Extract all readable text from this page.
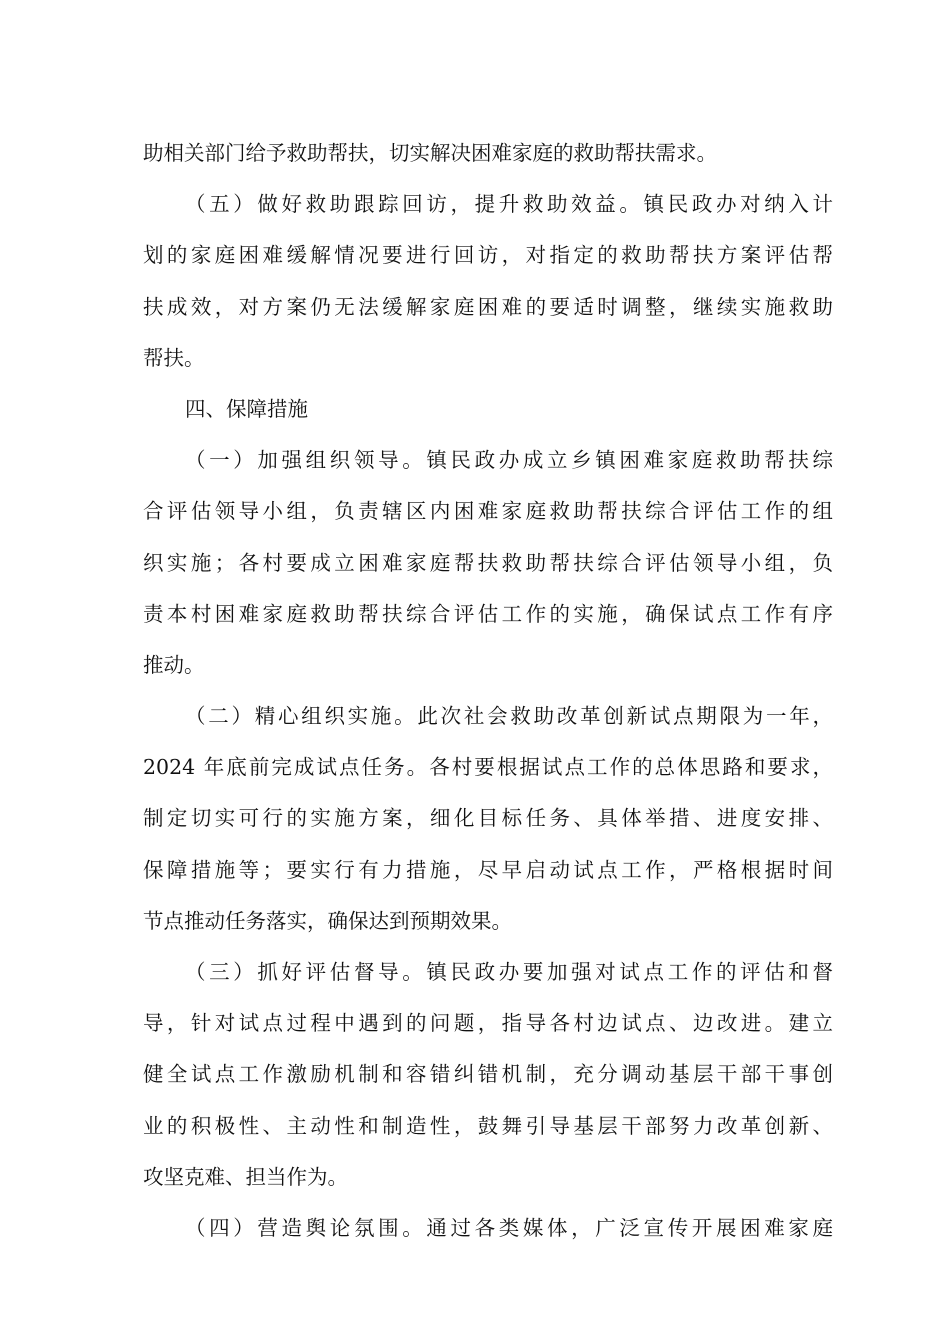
助相关部门给予救助帮扶，切实解决困难家庭的救助帮扶需求。
（五）做好救助跟踪回访，提升救助效益。镇民政办对纳入计
划的家庭困难缓解情况要进行回访，对指定的救助帮扶方案评估帮
扶成效，对方案仍无法缓解家庭困难的要适时调整，继续实施救助
帮扶。
四、保障措施
（一）加强组织领导。镇民政办成立乡镇困难家庭救助帮扶综
合评估领导小组，负责辖区内困难家庭救助帮扶综合评估工作的组
织实施；各村要成立困难家庭帮扶救助帮扶综合评估领导小组，负
责本村困难家庭救助帮扶综合评估工作的实施，确保试点工作有序
推动。
（二）精心组织实施。此次社会救助改革创新试点期限为一年，
2024 年底前完成试点任务。各村要根据试点工作的总体思路和要求，
制定切实可行的实施方案，细化目标任务、具体举措、进度安排、
保障措施等；要实行有力措施，尽早启动试点工作，严格根据时间
节点推动任务落实，确保达到预期效果。
（三）抓好评估督导。镇民政办要加强对试点工作的评估和督
导，针对试点过程中遇到的问题，指导各村边试点、边改进。建立
健全试点工作激励机制和容错纠错机制，充分调动基层干部干事创
业的积极性、主动性和制造性，鼓舞引导基层干部努力改革创新、
攻坚克难、担当作为。
（四）营造舆论氛围。通过各类媒体，广泛宣传开展困难家庭
